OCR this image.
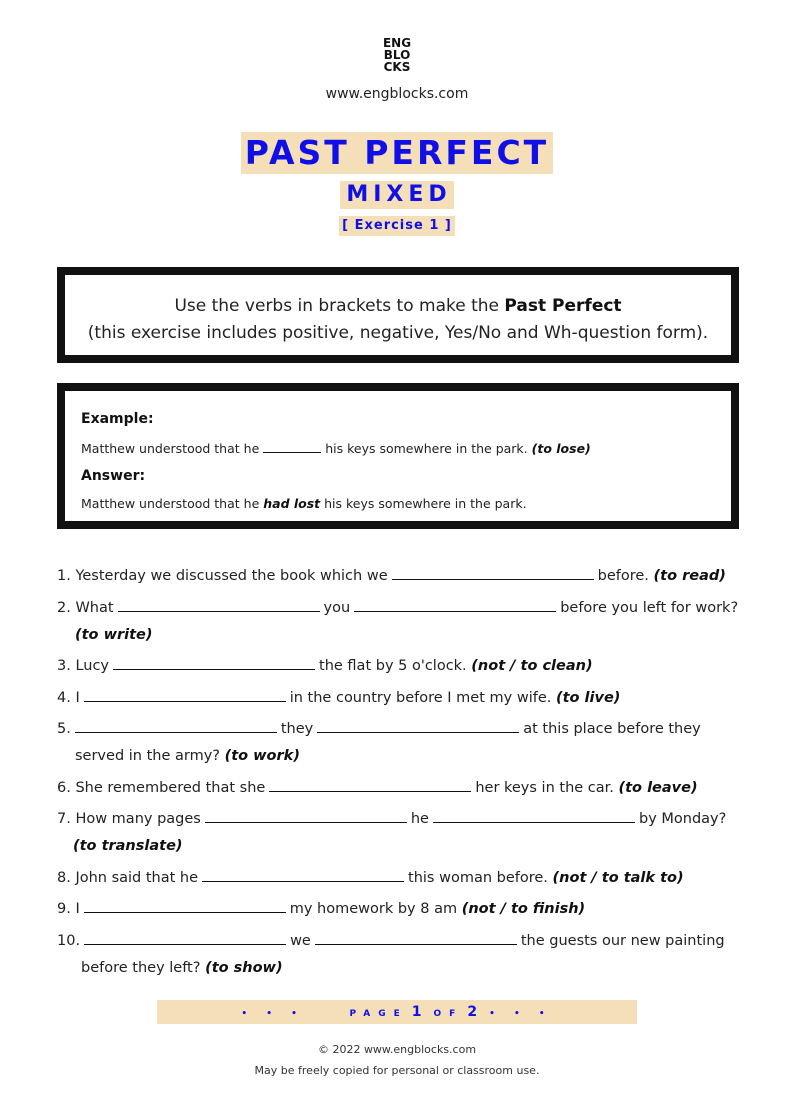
ENG
BLO
CKS
www.engblocks.com
PAST PERFECT
MIXED
[ Exercise 1 ]

Use the verbs in brackets to make the Past Perfect

(this exercise includes positive, negative, Yes/No and Wh-question form).

Example:
Matthew understood that he	his keys somewhere in the park. (to lose)
Answer:
Matthew understood that he had lost his keys somewhere in the park.
1. Yesterday we discussed the book which we	before. (to read)
2. What	you	before you left for work?
(to write)
3. Lucy	the flat by 5 o'clock. (not / to clean)
4. I	in the country before I met my wife. (to live)
5.	they	at this place before they
served in the army? (to work)
6. She remembered that she	her keys in the car. (to leave)
7. How many pages	he	by Monday?
(to translate)
8. John said that he	this woman before. (not / to talk to)
9. I	my homework by 8 am (not / to finish)
10.	we	the guests our new painting
before they left? (to show)
• • •	PAGE 1 OF 2 • • •
© 2022 www.engblocks.com
May be freely copied for personal or classroom use.
